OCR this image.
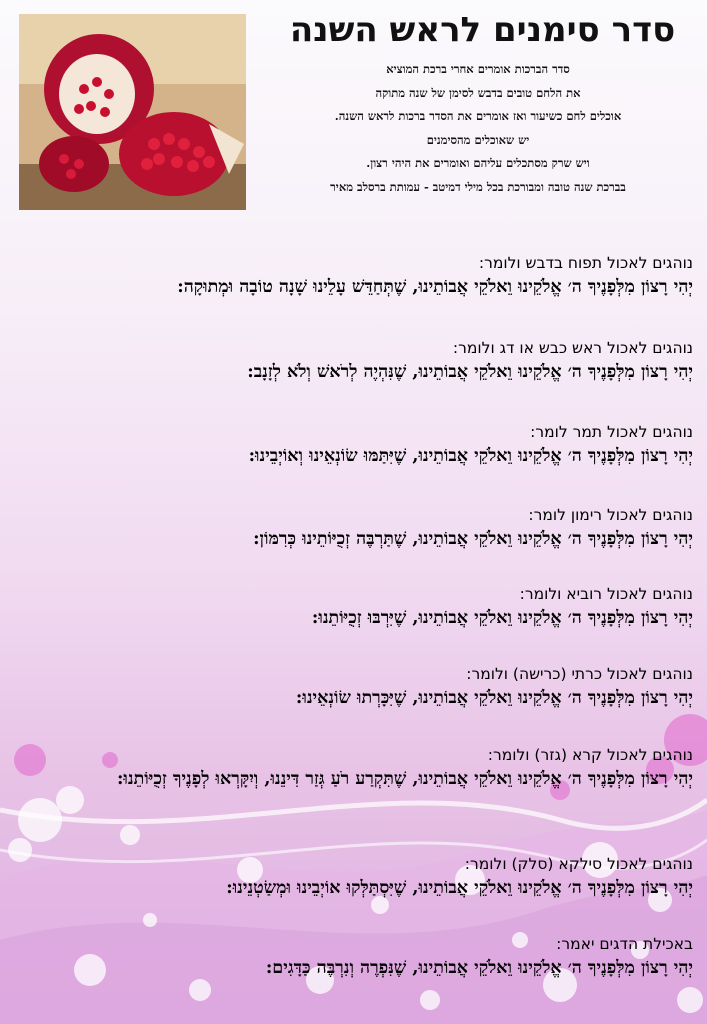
סדר סימנים לראש השנה
סדר הברכות אומרים אחרי ברכת המוציא
את הלחם טובים בדבש לסימן של שנה מתוקה
אוכלים לחם כשיעור ואז אומרים את הסדר ברכות לראש השנה.
יש שאוכלים מהסימנים
ויש שרק מסתכלים עליהם ואומרים את היהי רצון.
בברכת שנה טובה ומבורכת בכל מילי דמיטב - עמותת ברסלב מאיר
נוהגים לאכול תפוח בדבש ולומר:
יְהִי רָצוֹן מִלְּפָנֶיךָ ה׳ אֱלֹקֵינוּ וֵאלֹקֵי אֲבוֹתֵינוּ, שֶׁתְּחַדֵּשׁ עָלֵינוּ שָׁנָה טוֹבָה וּמְתוּקָה:
נוהגים לאכול ראש כבש או דג ולומר:
יְהִי רָצוֹן מִלְּפָנֶיךָ ה׳ אֱלֹקֵינוּ וֵאלֹקֵי אֲבוֹתֵינוּ, שֶׁנִּהְיֶה לְרֹאשׁ וְלֹא לְזָנָב:
נוהגים לאכול תמר לומר:
יְהִי רָצוֹן מִלְּפָנֶיךָ ה׳ אֱלֹקֵינוּ וֵאלֹקֵי אֲבוֹתֵינוּ, שֶׁיִּתַּמּוּ שׂוֹנְאֵינוּ וְאוֹיְבֵינוּ:
נוהגים לאכול רימון לומר:
יְהִי רָצוֹן מִלְּפָנֶיךָ ה׳ אֱלֹקֵינוּ וֵאלֹקֵי אֲבוֹתֵינוּ, שֶׁתַּרְבֶּה זְכֻיּוֹתֵינוּ כְּרִמּוֹן:
נוהגים לאכול רוביא ולומר:
יְהִי רָצוֹן מִלְּפָנֶיךָ ה׳ אֱלֹקֵינוּ וֵאלֹקֵי אֲבוֹתֵינוּ, שֶׁיִּרְבּוּ זְכֻיּוֹתֵנוּ:
נוהגים לאכול כרתי (כרישה) ולומר:
יְהִי רָצוֹן מִלְּפָנֶיךָ ה׳ אֱלֹקֵינוּ וֵאלֹקֵי אֲבוֹתֵינוּ, שֶׁיִּכָּרְתוּ שׂוֹנְאֵינוּ:
נוהגים לאכול קרא (גזר) ולומר:
יְהִי רָצוֹן מִלְּפָנֶיךָ ה׳ אֱלֹקֵינוּ וֵאלֹקֵי אֲבוֹתֵינוּ, שֶׁתִּקְרַע רֹעַ גְּזַר דִּינֵנוּ, וְיִקָּרְאוּ לְפָנֶיךָ זְכֻיּוֹתֵנוּ:
נוהגים לאכול סילקא (סלק) ולומר:
יְהִי רָצוֹן מִלְּפָנֶיךָ ה׳ אֱלֹקֵינוּ וֵאלֹקֵי אֲבוֹתֵינוּ, שֶׁיִּסְתַּלְּקוּ אוֹיְבֵינוּ וּמְשַׂטְנֵינוּ:
באכילת הדגים יאמר:
יְהִי רָצוֹן מִלְּפָנֶיךָ ה׳ אֱלֹקֵינוּ וֵאלֹקֵי אֲבוֹתֵינוּ, שֶׁנִּפְרֶה וְנִרְבֶּה כַּדָּגִים:
